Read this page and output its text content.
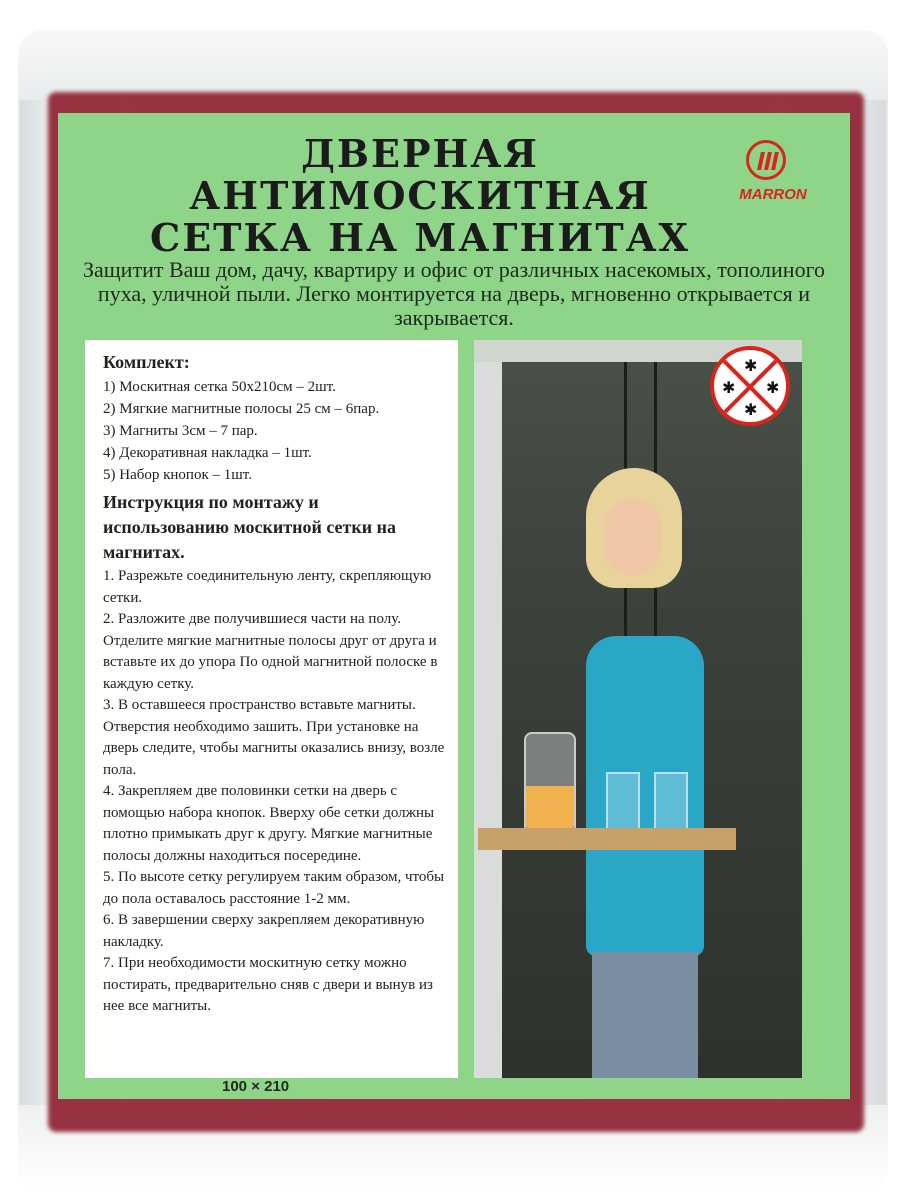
ДВЕРНАЯ
АНТИМОСКИТНАЯ
СЕТКА НА МАГНИТАХ
MARRON
Защитит Ваш дом, дачу, квартиру и офис от различных насекомых, тополиного пуха, уличной пыли. Легко монтируется на дверь, мгновенно открывается и закрывается.
Комплект:
1) Москитная сетка 50х210см – 2шт.
2) Мягкие магнитные полосы 25 см – 6пар.
3) Магниты 3см – 7 пар.
4) Декоративная накладка – 1шт.
5) Набор кнопок – 1шт.
Инструкция по монтажу и использованию москитной сетки на магнитах.

1. Разрежьте соединительную ленту, скрепляющую сетки.

2. Разложите две получившиеся части на полу. Отделите мягкие магнитные полосы друг от друга и вставьте их до упора По одной магнитной полоске в каждую сетку.

3. В оставшееся пространство вставьте магниты. Отверстия необходимо зашить. При установке на дверь следите, чтобы магниты оказались внизу, возле пола.

4. Закрепляем две половинки сетки на дверь с помощью набора кнопок. Вверху обе сетки должны плотно примыкать друг к другу. Мягкие магнитные полосы должны находиться посередине.

5. По высоте сетку регулируем таким образом, чтобы до пола оставалось расстояние 1-2 мм.

6. В завершении сверху закрепляем декоративную накладку.

7. При необходимости москитную сетку можно постирать, предварительно сняв с двери и вынув из нее все магниты.

100 × 210
✱
✱ ✱
✱
